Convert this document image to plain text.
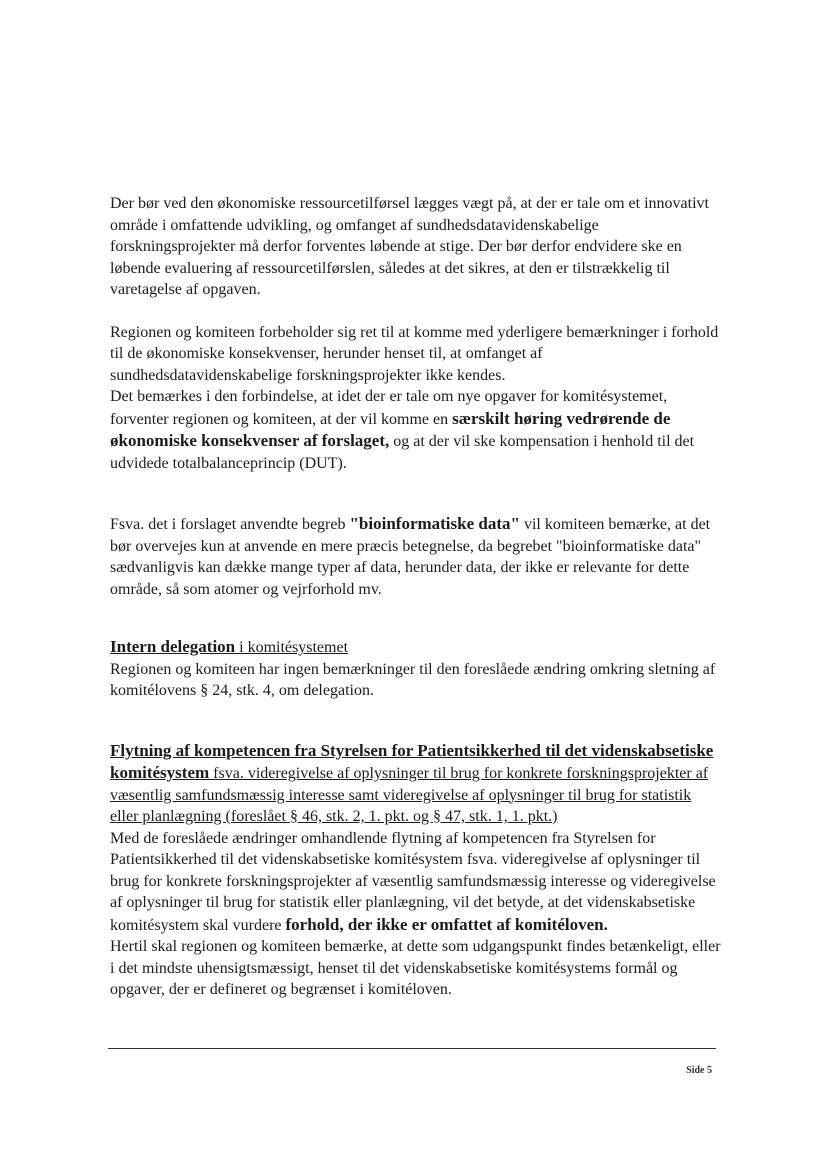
Der bør ved den økonomiske ressourcetilførsel lægges vægt på, at der er tale om et innovativt område i omfattende udvikling, og omfanget af sundhedsdatavidenskabelige forskningsprojekter må derfor forventes løbende at stige. Der bør derfor endvidere ske en løbende evaluering af ressourcetilførslen, således at det sikres, at den er tilstrækkelig til varetagelse af opgaven.

Regionen og komiteen forbeholder sig ret til at komme med yderligere bemærkninger i forhold til de økonomiske konsekvenser, herunder henset til, at omfanget af sundhedsdatavidenskabelige forskningsprojekter ikke kendes.

Det bemærkes i den forbindelse, at idet der er tale om nye opgaver for komitésystemet, forventer regionen og komiteen, at der vil komme en særskilt høring vedrørende de økonomiske konsekvenser af forslaget, og at der vil ske kompensation i henhold til det udvidede totalbalanceprincip (DUT).

Fsva. det i forslaget anvendte begreb "bioinformatiske data" vil komiteen bemærke, at det bør overvejes kun at anvende en mere præcis betegnelse, da begrebet "bioinformatiske data" sædvanligvis kan dække mange typer af data, herunder data, der ikke er relevante for dette område, så som atomer og vejrforhold mv.

Intern delegation i komitésystemet

Regionen og komiteen har ingen bemærkninger til den foreslåede ændring omkring sletning af komitélovens § 24, stk. 4, om delegation.

Flytning af kompetencen fra Styrelsen for Patientsikkerhed til det videnskabsetiske komitésystem fsva. videregivelse af oplysninger til brug for konkrete forskningsprojekter af væsentlig samfundsmæssig interesse samt videregivelse af oplysninger til brug for statistik eller planlægning (foreslået § 46, stk. 2, 1. pkt. og § 47, stk. 1, 1. pkt.)

Med de foreslåede ændringer omhandlende flytning af kompetencen fra Styrelsen for Patientsikkerhed til det videnskabsetiske komitésystem fsva. videregivelse af oplysninger til brug for konkrete forskningsprojekter af væsentlig samfundsmæssig interesse og videregivelse af oplysninger til brug for statistik eller planlægning, vil det betyde, at det videnskabsetiske komitésystem skal vurdere forhold, der ikke er omfattet af komitéloven.

Hertil skal regionen og komiteen bemærke, at dette som udgangspunkt findes betænkeligt, eller i det mindste uhensigtsmæssigt, henset til det videnskabsetiske komitésystems formål og opgaver, der er defineret og begrænset i komitéloven.

Side 5
